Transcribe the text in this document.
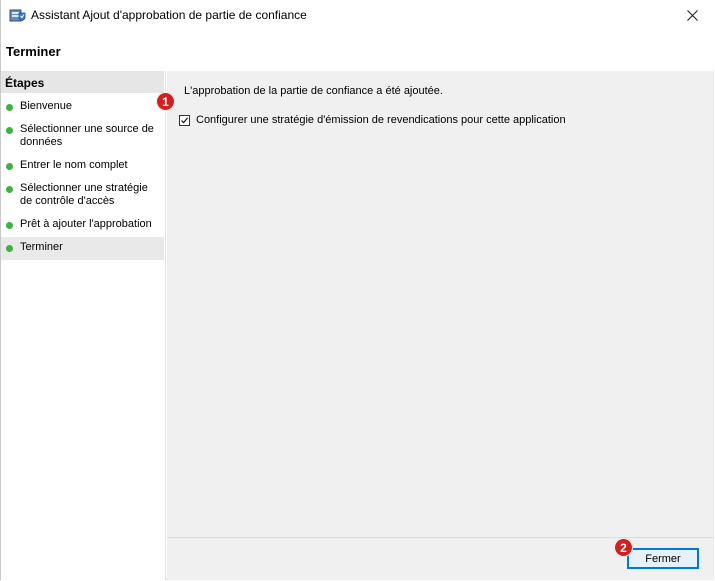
Assistant Ajout d'approbation de partie de confiance
Terminer
Étapes
Bienvenue
Sélectionner une source de données
Entrer le nom complet
Sélectionner une stratégie de contrôle d'accès
Prêt à ajouter l'approbation
Terminer
L'approbation de la partie de confiance a été ajoutée.
Configurer une stratégie d'émission de revendications pour cette application
Fermer
1
2
